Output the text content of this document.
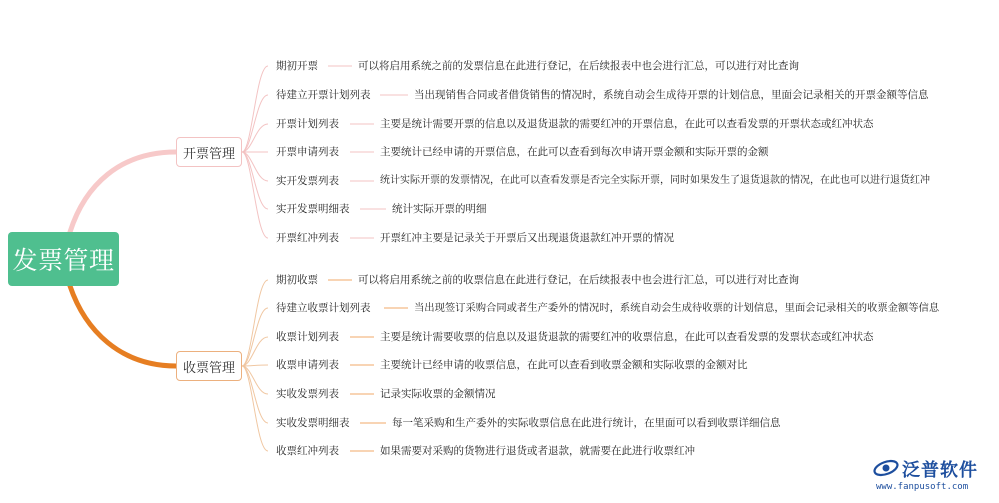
发票管理
开票管理
收票管理
期初开票	可以将启用系统之前的发票信息在此进行登记，在后续报表中也会进行汇总，可以进行对比查询
待建立开票计划列表	当出现销售合同或者借货销售的情况时，系统自动会生成待开票的计划信息，里面会记录相关的开票金额等信息
开票计划列表	主要是统计需要开票的信息以及退货退款的需要红冲的开票信息，在此可以查看发票的开票状态或红冲状态
开票申请列表	主要统计已经申请的开票信息，在此可以查看到每次申请开票金额和实际开票的金额
实开发票列表	统计实际开票的发票情况，在此可以查看发票是否完全实际开票，同时如果发生了退货退款的情况，在此也可以进行退货红冲
实开发票明细表	统计实际开票的明细
开票红冲列表	开票红冲主要是记录关于开票后又出现退货退款红冲开票的情况
期初收票	可以将启用系统之前的收票信息在此进行登记，在后续报表中也会进行汇总，可以进行对比查询
待建立收票计划列表	当出现签订采购合同或者生产委外的情况时，系统自动会生成待收票的计划信息，里面会记录相关的收票金额等信息
收票计划列表	主要是统计需要收票的信息以及退货退款的需要红冲的收票信息，在此可以查看发票的发票状态或红冲状态
收票申请列表	主要统计已经申请的收票信息，在此可以查看到收票金额和实际收票的金额对比
实收发票列表	记录实际收票的金额情况
实收发票明细表	每一笔采购和生产委外的实际收票信息在此进行统计，在里面可以看到收票详细信息
收票红冲列表	如果需要对采购的货物进行退货或者退款，就需要在此进行收票红冲
泛普软件
www.fanpusoft.com
